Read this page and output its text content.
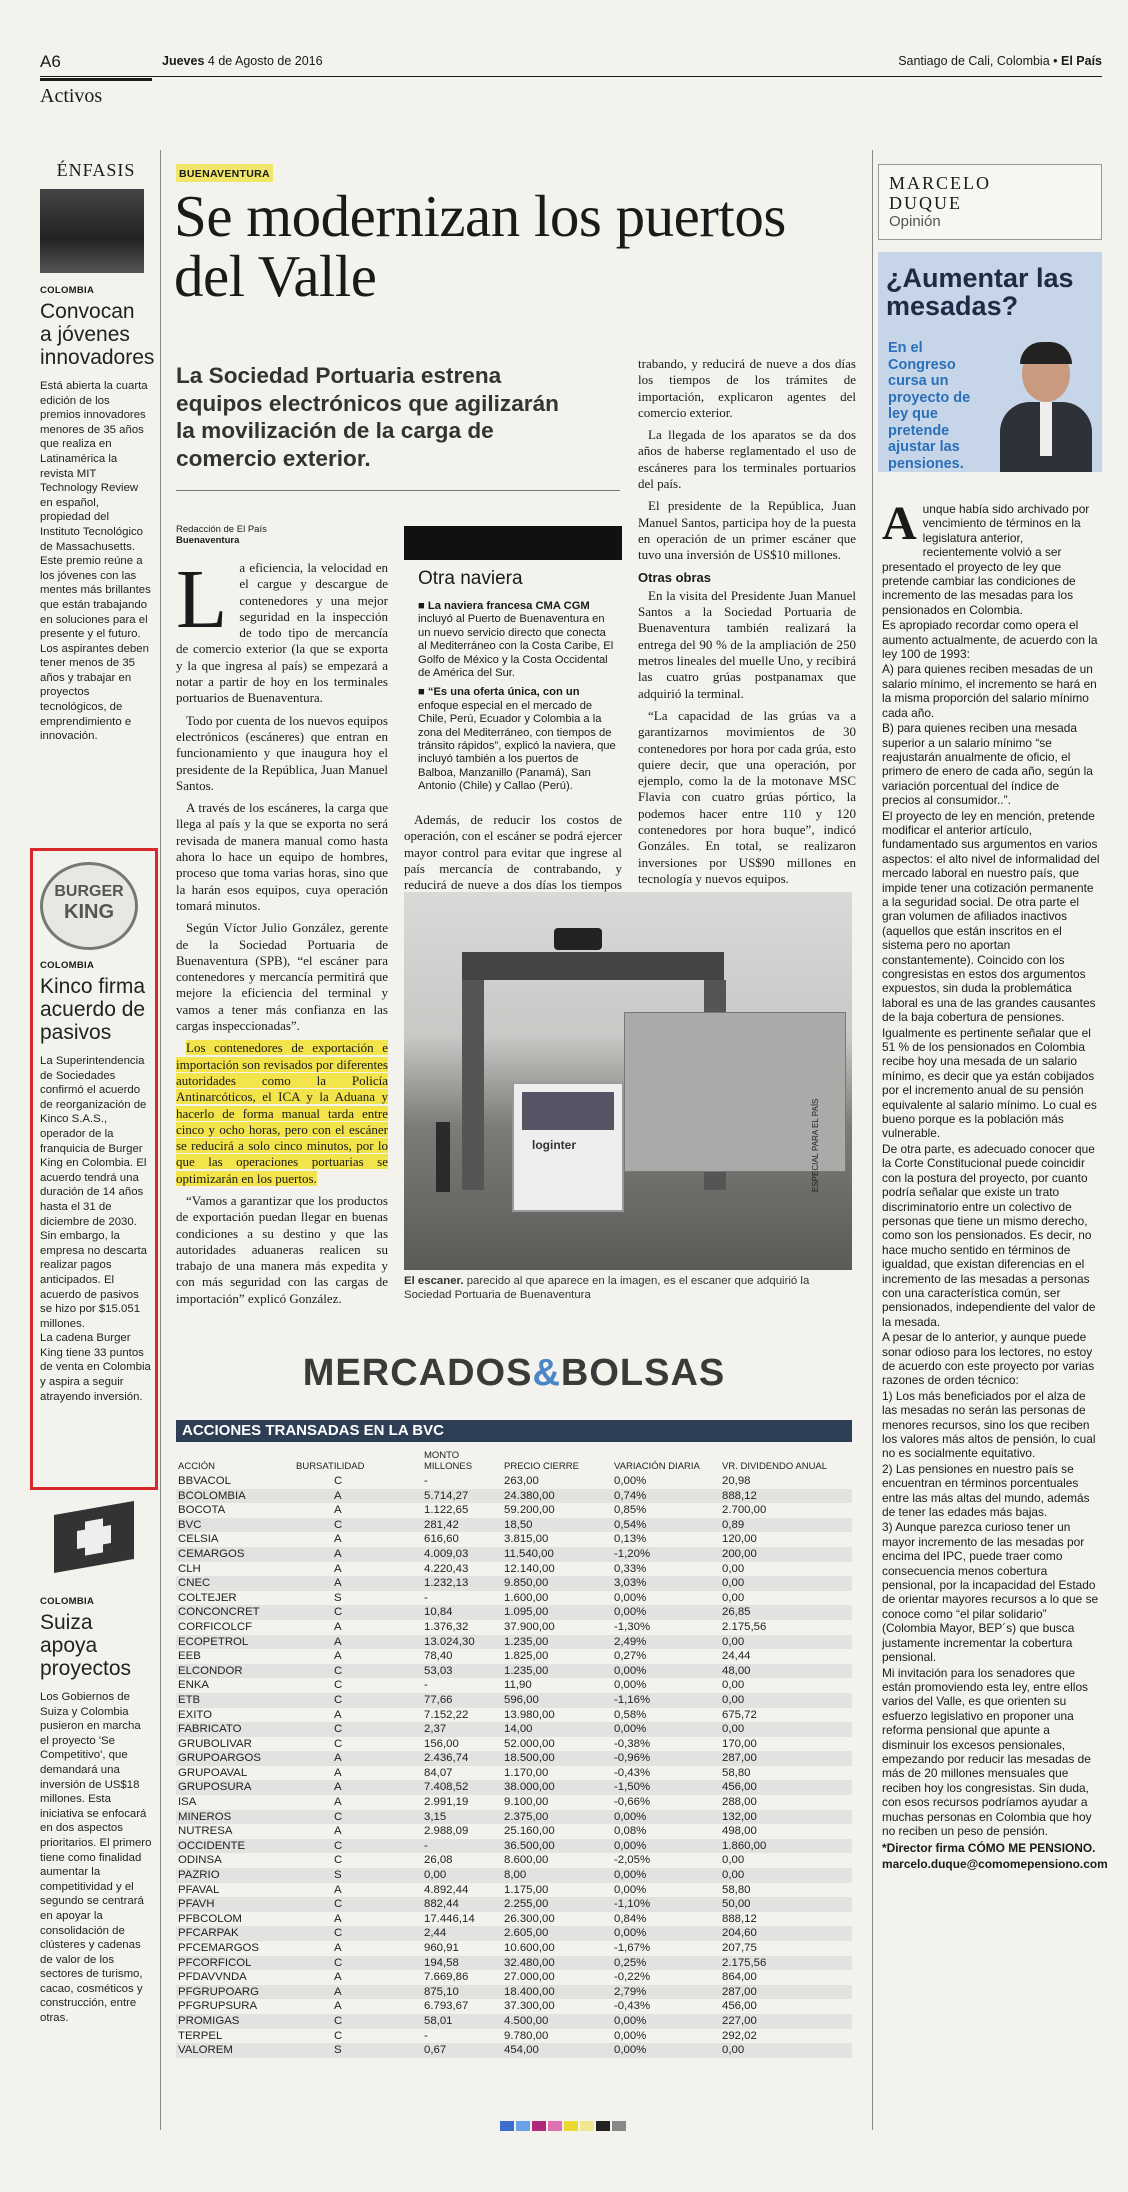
A6	Jueves 4 de Agosto de 2016	Santiago de Cali, Colombia • El País
Activos
ÉNFASIS
COLOMBIA
Convocan a jóvenes innovadores
Está abierta la cuarta edición de los premios innovadores menores de 35 años que realiza en Latinamérica la revista MIT Technology Review en español, propiedad del Instituto Tecnológico de Massachusetts. Este premio reúne a los jóvenes con las mentes más brillantes que están trabajando en soluciones para el presente y el futuro. Los aspirantes deben tener menos de 35 años y trabajar en proyectos tecnológicos, de emprendimiento e innovación.
BURGER
KING
COLOMBIA
Kinco firma acuerdo de pasivos
La Superintendencia de Sociedades confirmó el acuerdo de reorganización de Kinco S.A.S., operador de la franquicia de Burger King en Colombia. El acuerdo tendrá una duración de 14 años hasta el 31 de diciembre de 2030. Sin embargo, la empresa no descarta realizar pagos anticipados. El acuerdo de pasivos se hizo por $15.051 millones.
La cadena Burger King tiene 33 puntos de venta en Colombia y aspira a seguir atrayendo inversión.
COLOMBIA
Suiza apoya proyectos
Los Gobiernos de Suiza y Colombia pusieron en marcha el proyecto 'Se Competitivo', que demandará una inversión de US$18 millones. Esta iniciativa se enfocará en dos aspectos prioritarios. El primero tiene como finalidad aumentar la competitividad y el segundo se centrará en apoyar la consolidación de clústeres y cadenas de valor de los sectores de turismo, cacao, cosméticos y construcción, entre otras.
BUENAVENTURA
Se modernizan los puertos del Valle
La Sociedad Portuaria estrena equipos electrónicos que agilizarán la movilización de la carga de comercio exterior.
Redacción de El País
Buenaventura
L a eficiencia, la velocidad en el cargue y descargue de contenedores y una mejor seguridad en la inspección de todo tipo de mercancía de comercio exterior (la que se exporta y la que ingresa al país) se empezará a notar a partir de hoy en los terminales portuarios de Buenaventura.

Todo por cuenta de los nuevos equipos electrónicos (escáneres) que entran en funcionamiento y que inaugura hoy el presidente de la República, Juan Manuel Santos.

A través de los escáneres, la carga que llega al país y la que se exporta no será revisada de manera manual como hasta ahora lo hace un equipo de hombres, proceso que toma varias horas, sino que la harán esos equipos, cuya operación tomará minutos.

Según Víctor Julio González, gerente de la Sociedad Portuaria de Buenaventura (SPB), “el escáner para contenedores y mercancía permitirá que mejore la eficiencia del terminal y vamos a tener más confianza en las cargas inspeccionadas”.

Los contenedores de exportación e importación son revisados por diferentes autoridades como la Policía Antinarcóticos, el ICA y la Aduana y hacerlo de forma manual tarda entre cinco y ocho horas, pero con el escáner se reducirá a solo cinco minutos, por lo que las operaciones portuarias se optimizarán en los puertos.

“Vamos a garantizar que los productos de exportación puedan llegar en buenas condiciones a su destino y que las autoridades aduaneras realicen su trabajo de una manera más expedita y con más seguridad con las cargas de importación” explicó González.

Otra naviera
■ La naviera francesa CMA CGM incluyó al Puerto de Buenaventura en un nuevo servicio directo que conecta al Mediterráneo con la Costa Caribe, El Golfo de México y la Costa Occidental de América del Sur.
■ “Es una oferta única, con un enfoque especial en el mercado de Chile, Perú, Ecuador y Colombia a la zona del Mediterráneo, con tiempos de tránsito rápidos”, explicó la naviera, que incluyó también a los puertos de Balboa, Manzanillo (Panamá), San Antonio (Chile) y Callao (Perú).

Además, de reducir los costos de operación, con el escáner se podrá ejercer mayor control para evitar que ingrese al país mercancía de contrabando, y reducirá de nueve a dos días los tiempos

trabando, y reducirá de nueve a dos días los tiempos de los trámites de importación, explicaron agentes del comercio exterior.

La llegada de los aparatos se da dos años de haberse reglamentado el uso de escáneres para los terminales portuarios del país.

El presidente de la República, Juan Manuel Santos, participa hoy de la puesta en operación de un primer escáner que tuvo una inversión de US$10 millones.

Otras obras

En la visita del Presidente Juan Manuel Santos a la Sociedad Portuaria de Buenaventura también realizará la entrega del 90 % de la ampliación de 250 metros lineales del muelle Uno, y recibirá las cuatro grúas postpanamax que adquirió la terminal.

“La capacidad de las grúas va a garantizarnos movimientos de 30 contenedores por hora por cada grúa, esto quiere decir, que una operación, por ejemplo, como la de la motonave MSC Flavia con cuatro grúas pórtico, la podemos hacer entre 110 y 120 contenedores por hora buque”, indicó Gonzáles. En total, se realizaron inversiones por US$90 millones en tecnología y nuevos equipos.

loginter	ESPECIAL PARA EL PAÍS
El escaner. parecido al que aparece en la imagen, es el escaner que adquirió la Sociedad Portuaria de Buenaventura
MERCADOS&BOLSAS
ACCIONES TRANSADAS EN LA BVC
ACCIÓN	BURSATILIDAD	MONTO MILLONES	PRECIO CIERRE	VARIACIÓN DIARIA	VR. DIVIDENDO ANUAL
BBVACOL	C	-	263,00	0,00%	20,98
BCOLOMBIA	A	5.714,27	24.380,00	0,74%	888,12
BOCOTA	A	1.122,65	59.200,00	0,85%	2.700,00
BVC	C	281,42	18,50	0,54%	0,89
CELSIA	A	616,60	3.815,00	0,13%	120,00
CEMARGOS	A	4.009,03	11.540,00	-1,20%	200,00
CLH	A	4.220,43	12.140,00	0,33%	0,00
CNEC	A	1.232,13	9.850,00	3,03%	0,00
COLTEJER	S	-	1.600,00	0,00%	0,00
CONCONCRET	C	10,84	1.095,00	0,00%	26,85
CORFICOLCF	A	1.376,32	37.900,00	-1,30%	2.175,56
ECOPETROL	A	13.024,30	1.235,00	2,49%	0,00
EEB	A	78,40	1.825,00	0,27%	24,44
ELCONDOR	C	53,03	1.235,00	0,00%	48,00
ENKA	C	-	11,90	0,00%	0,00
ETB	C	77,66	596,00	-1,16%	0,00
EXITO	A	7.152,22	13.980,00	0,58%	675,72
FABRICATO	C	2,37	14,00	0,00%	0,00
GRUBOLIVAR	C	156,00	52.000,00	-0,38%	170,00
GRUPOARGOS	A	2.436,74	18.500,00	-0,96%	287,00
GRUPOAVAL	A	84,07	1.170,00	-0,43%	58,80
GRUPOSURA	A	7.408,52	38.000,00	-1,50%	456,00
ISA	A	2.991,19	9.100,00	-0,66%	288,00
MINEROS	C	3,15	2.375,00	0,00%	132,00
NUTRESA	A	2.988,09	25.160,00	0,08%	498,00
OCCIDENTE	C	-	36.500,00	0,00%	1.860,00
ODINSA	C	26,08	8.600,00	-2,05%	0,00
PAZRIO	S	0,00	8,00	0,00%	0,00
PFAVAL	A	4.892,44	1.175,00	0,00%	58,80
PFAVH	C	882,44	2.255,00	-1,10%	50,00
PFBCOLOM	A	17.446,14	26.300,00	0,84%	888,12
PFCARPAK	C	2,44	2.605,00	0,00%	204,60
PFCEMARGOS	A	960,91	10.600,00	-1,67%	207,75
PFCORFICOL	C	194,58	32.480,00	0,25%	2.175,56
PFDAVVNDA	A	7.669,86	27.000,00	-0,22%	864,00
PFGRUPOARG	A	875,10	18.400,00	2,79%	287,00
PFGRUPSURA	A	6.793,67	37.300,00	-0,43%	456,00
PROMIGAS	C	58,01	4.500,00	0,00%	227,00
TERPEL	C	-	9.780,00	0,00%	292,02
VALOREM	S	0,67	454,00	0,00%	0,00
MARCELO
DUQUE
Opinión
¿Aumentar las mesadas?
En el Congreso cursa un proyecto de ley que pretende ajustar las pensiones.
A unque había sido archivado por vencimiento de términos en la legislatura anterior, recientemente volvió a ser presentado el proyecto de ley que pretende cambiar las condiciones de incremento de las mesadas para los pensionados en Colombia.

Es apropiado recordar como opera el aumento actualmente, de acuerdo con la ley 100 de 1993:

A) para quienes reciben mesadas de un salario mínimo, el incremento se hará en la misma proporción del salario mínimo cada año.

B) para quienes reciben una mesada superior a un salario mínimo “se reajustarán anualmente de oficio, el primero de enero de cada año, según la variación porcentual del índice de precios al consumidor..”.

El proyecto de ley en mención, pretende modificar el anterior artículo, fundamentado sus argumentos en varios aspectos: el alto nivel de informalidad del mercado laboral en nuestro país, que impide tener una cotización permanente a la seguridad social. De otra parte el gran volumen de afiliados inactivos (aquellos que están inscritos en el sistema pero no aportan constantemente). Coincido con los congresistas en estos dos argumentos expuestos, sin duda la problemática laboral es una de las grandes causantes de la baja cobertura de pensiones.

Igualmente es pertinente señalar que el 51 % de los pensionados en Colombia recibe hoy una mesada de un salario mínimo, es decir que ya están cobijados por el incremento anual de su pensión equivalente al salario mínimo. Lo cual es bueno porque es la población más vulnerable.

De otra parte, es adecuado conocer que la Corte Constitucional puede coincidir con la postura del proyecto, por cuanto podría señalar que existe un trato discriminatorio entre un colectivo de personas que tiene un mismo derecho, como son los pensionados. Es decir, no hace mucho sentido en términos de igualdad, que existan diferencias en el incremento de las mesadas a personas con una característica común, ser pensionados, independiente del valor de la mesada.

A pesar de lo anterior, y aunque puede sonar odioso para los lectores, no estoy de acuerdo con este proyecto por varias razones de orden técnico:

1) Los más beneficiados por el alza de las mesadas no serán las personas de menores recursos, sino los que reciben los valores más altos de pensión, lo cual no es socialmente equitativo.

2) Las pensiones en nuestro país se encuentran en términos porcentuales entre las más altas del mundo, además de tener las edades más bajas.

3) Aunque parezca curioso tener un mayor incremento de las mesadas por encima del IPC, puede traer como consecuencia menos cobertura pensional, por la incapacidad del Estado de orientar mayores recursos a lo que se conoce como “el pilar solidario” (Colombia Mayor, BEP´s) que busca justamente incrementar la cobertura pensional.

Mi invitación para los senadores que están promoviendo esta ley, entre ellos varios del Valle, es que orienten su esfuerzo legislativo en proponer una reforma pensional que apunte a disminuir los excesos pensionales, empezando por reducir las mesadas de más de 20 millones mensuales que reciben hoy los congresistas. Sin duda, con esos recursos podríamos ayudar a muchas personas en Colombia que hoy no reciben un peso de pensión.

*Director firma CÓMO ME PENSIONO.

marcelo.duque@comomepensiono.com
